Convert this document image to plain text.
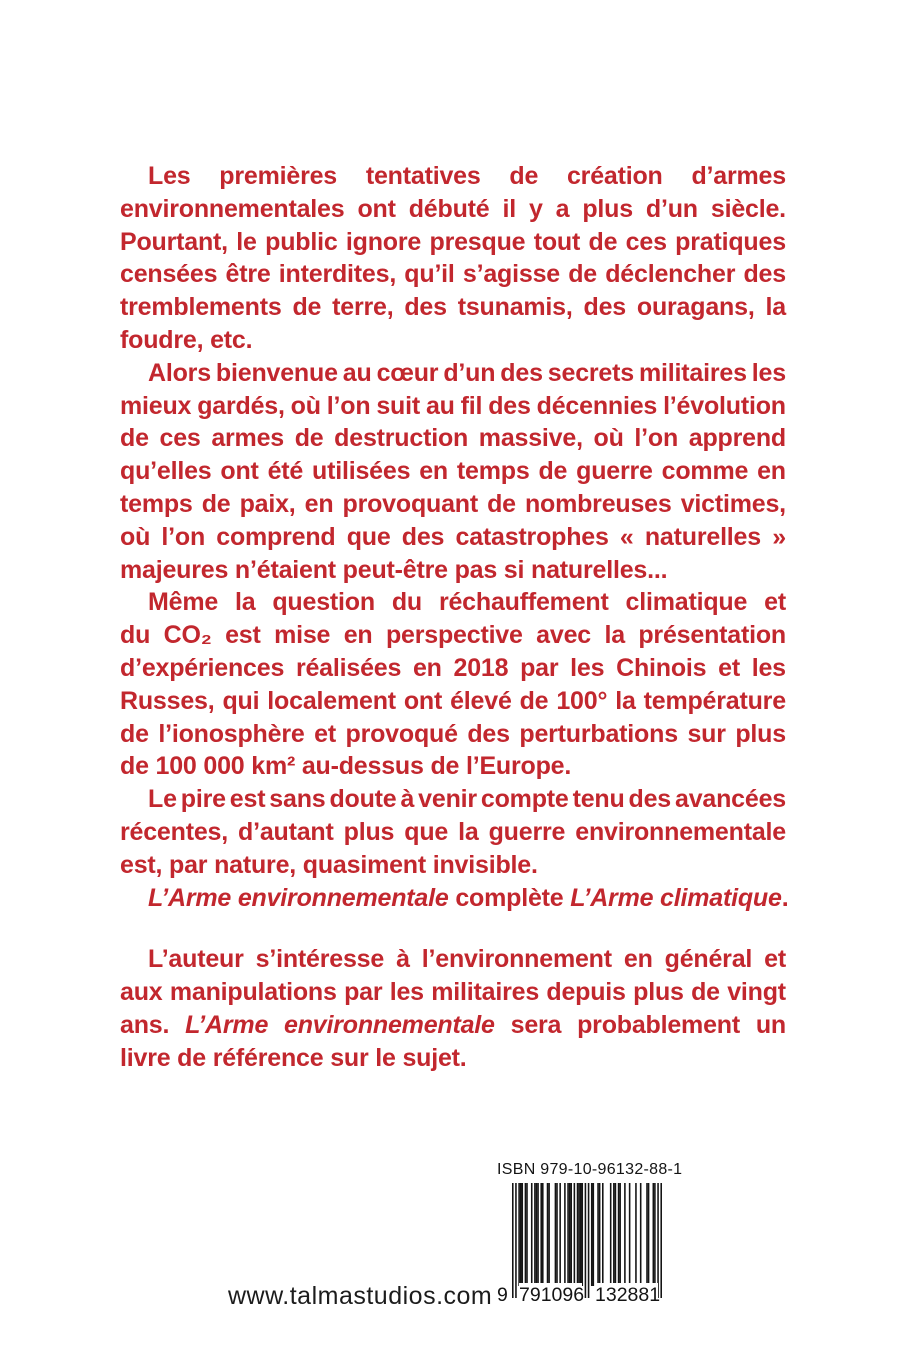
Les premières tentatives de création d’armes
environnementales ont débuté il y a plus d’un siècle.
Pourtant, le public ignore presque tout de ces pratiques
censées être interdites, qu’il s’agisse de déclencher des
tremblements de terre, des tsunamis, des ouragans, la
foudre, etc.
Alors bienvenue au cœur d’un des secrets militaires les
mieux gardés, où l’on suit au fil des décennies l’évolution
de ces armes de destruction massive, où l’on apprend
qu’elles ont été utilisées en temps de guerre comme en
temps de paix, en provoquant de nombreuses victimes,
où l’on comprend que des catastrophes « naturelles »
majeures n’étaient peut-être pas si naturelles...
Même la question du réchauffement climatique et
du CO₂ est mise en perspective avec la présentation
d’expériences réalisées en 2018 par les Chinois et les
Russes, qui localement ont élevé de 100° la température
de l’ionosphère et provoqué des perturbations sur plus
de 100 000 km² au-dessus de l’Europe.
Le pire est sans doute à venir compte tenu des avancées
récentes, d’autant plus que la guerre environnementale
est, par nature, quasiment invisible.
L’Arme environnementale complète L’Arme climatique.
L’auteur s’intéresse à l’environnement en général et
aux manipulations par les militaires depuis plus de vingt
ans. L’Arme environnementale sera probablement un
livre de référence sur le sujet.
www.talmastudios.com
ISBN 979-10-96132-88-1
9 791096 132881
